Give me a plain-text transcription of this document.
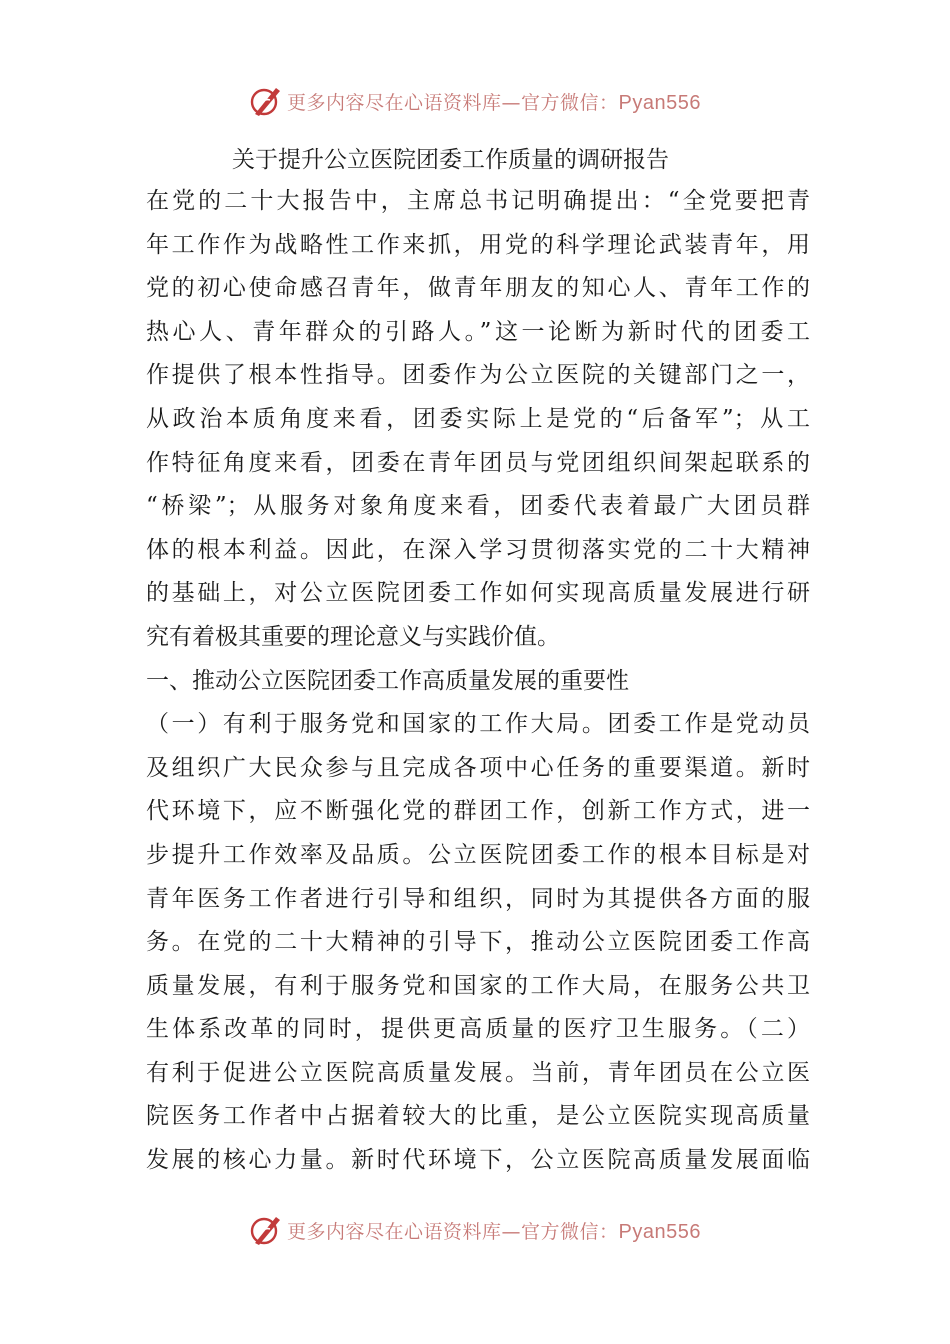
更多内容尽在心语资料库—官方微信：Pyan556
关于提升公立医院团委工作质量的调研报告
在党的二十大报告中，主席总书记明确提出：“全党要把青
年工作作为战略性工作来抓，用党的科学理论武装青年，用
党的初心使命感召青年，做青年朋友的知心人、青年工作的
热心人、青年群众的引路人。”这一论断为新时代的团委工
作提供了根本性指导。团委作为公立医院的关键部门之一，
从政治本质角度来看，团委实际上是党的“后备军”；从工
作特征角度来看，团委在青年团员与党团组织间架起联系的
“桥梁”；从服务对象角度来看，团委代表着最广大团员群
体的根本利益。因此，在深入学习贯彻落实党的二十大精神
的基础上，对公立医院团委工作如何实现高质量发展进行研
究有着极其重要的理论意义与实践价值。
一、推动公立医院团委工作高质量发展的重要性
（一）有利于服务党和国家的工作大局。团委工作是党动员
及组织广大民众参与且完成各项中心任务的重要渠道。新时
代环境下，应不断强化党的群团工作，创新工作方式，进一
步提升工作效率及品质。公立医院团委工作的根本目标是对
青年医务工作者进行引导和组织，同时为其提供各方面的服
务。在党的二十大精神的引导下，推动公立医院团委工作高
质量发展，有利于服务党和国家的工作大局，在服务公共卫
生体系改革的同时，提供更高质量的医疗卫生服务。（二）
有利于促进公立医院高质量发展。当前，青年团员在公立医
院医务工作者中占据着较大的比重，是公立医院实现高质量
发展的核心力量。新时代环境下，公立医院高质量发展面临
更多内容尽在心语资料库—官方微信：Pyan556
